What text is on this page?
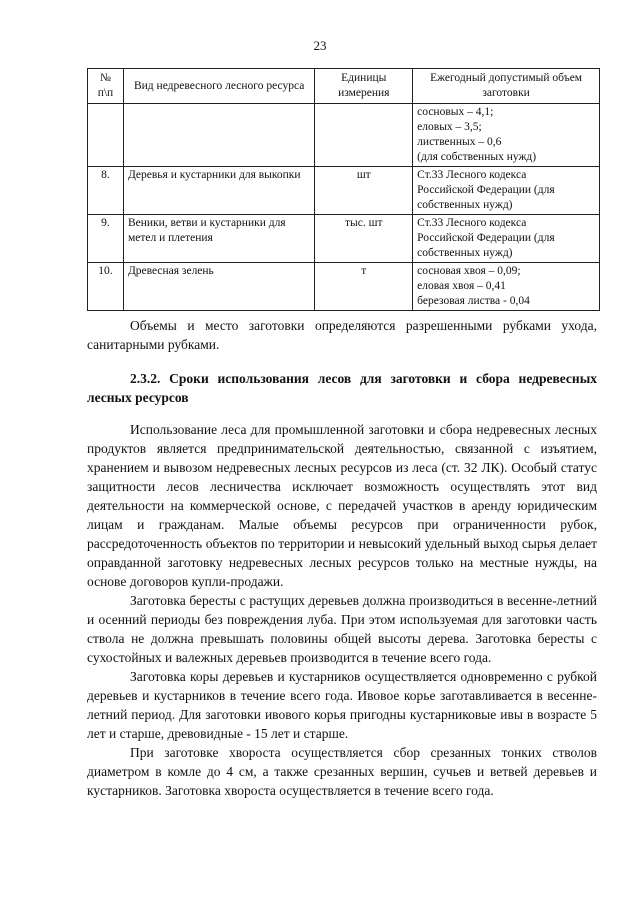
23
№ п\п	Вид недревесного лесного ресурса	Единицы измерения	Ежегодный допустимый объем заготовки

			сосновых – 4,1;
еловых – 3,5;
лиственных – 0,6
(для собственных нужд)

8.	Деревья и кустарники для выкопки	шт	Ст.33 Лесного кодекса
Российской Федерации (для
собственных нужд)

9.	Веники, ветви и кустарники для метел и плетения	тыс. шт	Ст.33 Лесного кодекса
Российской Федерации (для
собственных нужд)

10.	Древесная зелень	т	сосновая хвоя – 0,09;
еловая хвоя – 0,41
березовая листва - 0,04

Объемы и место заготовки определяются разрешенными рубками ухода, санитарными рубками.

2.3.2. Сроки использования лесов для заготовки и сбора недревесных лесных ресурсов

Использование леса для промышленной заготовки и сбора недревесных лесных продуктов является предпринимательской деятельностью, связанной с изъятием, хранением и вывозом недревесных лесных ресурсов из леса (ст. 32 ЛК). Особый статус защитности лесов лесничества исключает возможность осуществлять этот вид деятельности на коммерческой основе, с передачей участков в аренду юридическим лицам и гражданам. Малые объемы ресурсов при ограниченности рубок, рассредоточенность объектов по территории и невысокий удельный выход сырья делает оправданной заготовку недревесных лесных ресурсов только на местные нужды, на основе договоров купли-продажи.

Заготовка бересты с растущих деревьев должна производиться в весенне-летний и осенний периоды без повреждения луба. При этом используемая для заготовки часть ствола не должна превышать половины общей высоты дерева. Заготовка бересты с сухостойных и валежных деревьев производится в течение всего года.

Заготовка коры деревьев и кустарников осуществляется одновременно с рубкой деревьев и кустарников в течение всего года. Ивовое корье заготавливается в весенне-летний период. Для заготовки ивового корья пригодны кустарниковые ивы в возрасте 5 лет и старше, древовидные - 15 лет и старше.

При заготовке хвороста осуществляется сбор срезанных тонких стволов диаметром в комле до 4 см, а также срезанных вершин, сучьев и ветвей деревьев и кустарников. Заготовка хвороста осуществляется в течение всего года.
